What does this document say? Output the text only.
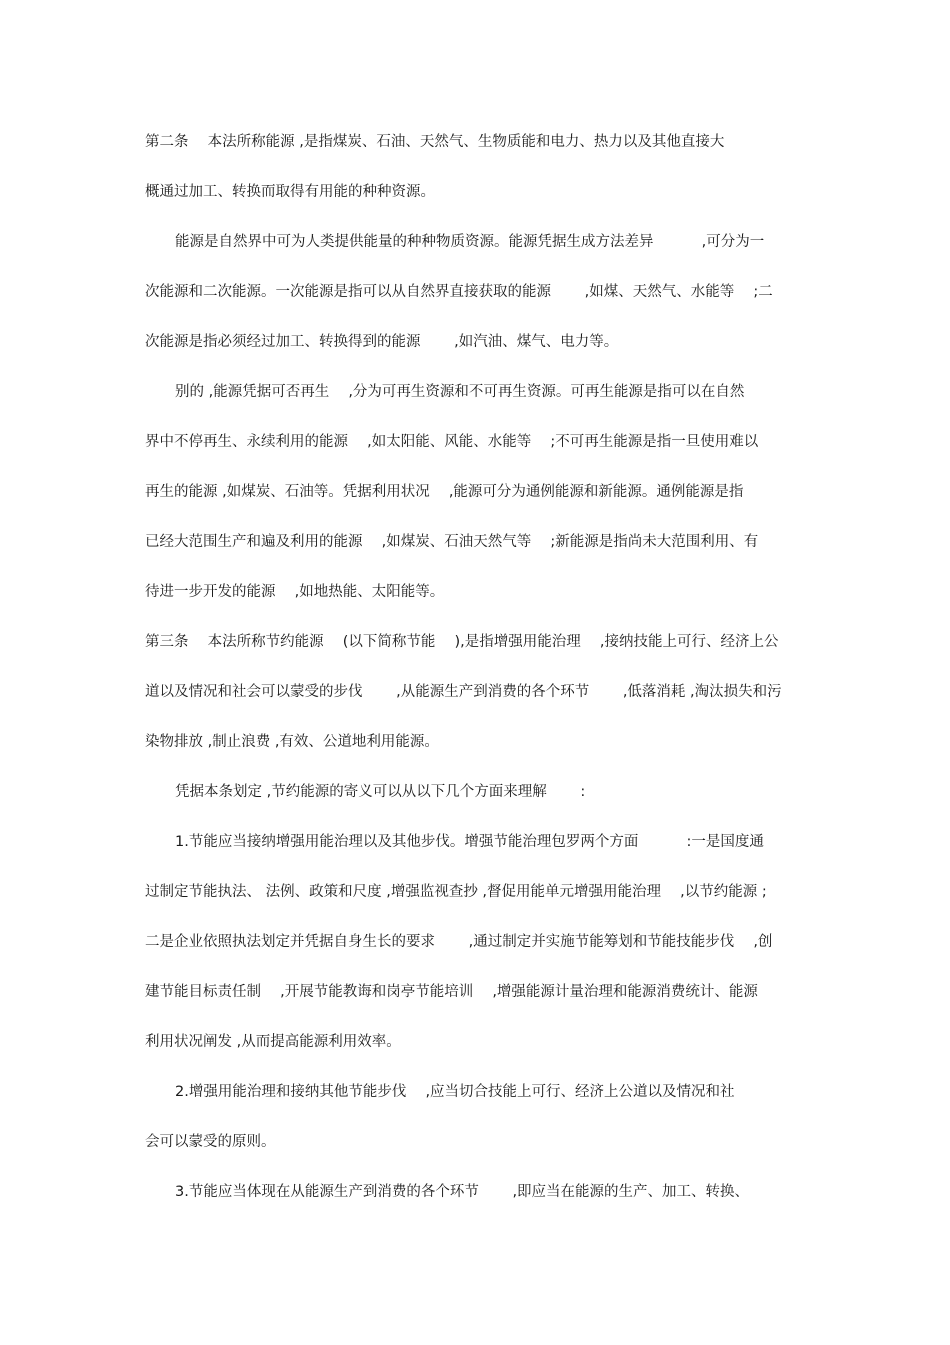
第二条　 本法所称能源 ,是指煤炭、石油、天然气、生物质能和电力、热力以及其他直接大
概通过加工、转换而取得有用能的种种资源。
能源是自然界中可为人类提供能量的种种物质资源。能源凭据生成方法差异 　　　,可分为一
次能源和二次能源。一次能源是指可以从自然界直接获取的能源 　　,如煤、天然气、水能等 　;二
次能源是指必须经过加工、转换得到的能源 　　,如汽油、煤气、电力等。
别的 ,能源凭据可否再生 　,分为可再生资源和不可再生资源。可再生能源是指可以在自然
界中不停再生、永续利用的能源 　,如太阳能、风能、水能等 　;不可再生能源是指一旦使用难以
再生的能源 ,如煤炭、石油等。凭据利用状况 　,能源可分为通例能源和新能源。通例能源是指
已经大范围生产和遍及利用的能源 　,如煤炭、石油天然气等 　;新能源是指尚未大范围利用、有
待进一步开发的能源 　,如地热能、太阳能等。
第三条　 本法所称节约能源 　(以下简称节能 　),是指增强用能治理 　,接纳技能上可行、经济上公
道以及情况和社会可以蒙受的步伐 　　,从能源生产到消费的各个环节 　　,低落消耗 ,淘汰损失和污
染物排放 ,制止浪费 ,有效、公道地利用能源。
凭据本条划定 ,节约能源的寄义可以从以下几个方面来理解 　　:
1.节能应当接纳增强用能治理以及其他步伐。增强节能治理包罗两个方面 　　　:一是国度通
过制定节能执法、 法例、政策和尺度 ,增强监视查抄 ,督促用能单元增强用能治理 　,以节约能源 ;
二是企业依照执法划定并凭据自身生长的要求 　　,通过制定并实施节能筹划和节能技能步伐 　,创
建节能目标责任制 　,开展节能教诲和岗亭节能培训 　,增强能源计量治理和能源消费统计、能源
利用状况阐发 ,从而提高能源利用效率。
2.增强用能治理和接纳其他节能步伐 　,应当切合技能上可行、经济上公道以及情况和社
会可以蒙受的原则。
3.节能应当体现在从能源生产到消费的各个环节 　　,即应当在能源的生产、加工、转换、
